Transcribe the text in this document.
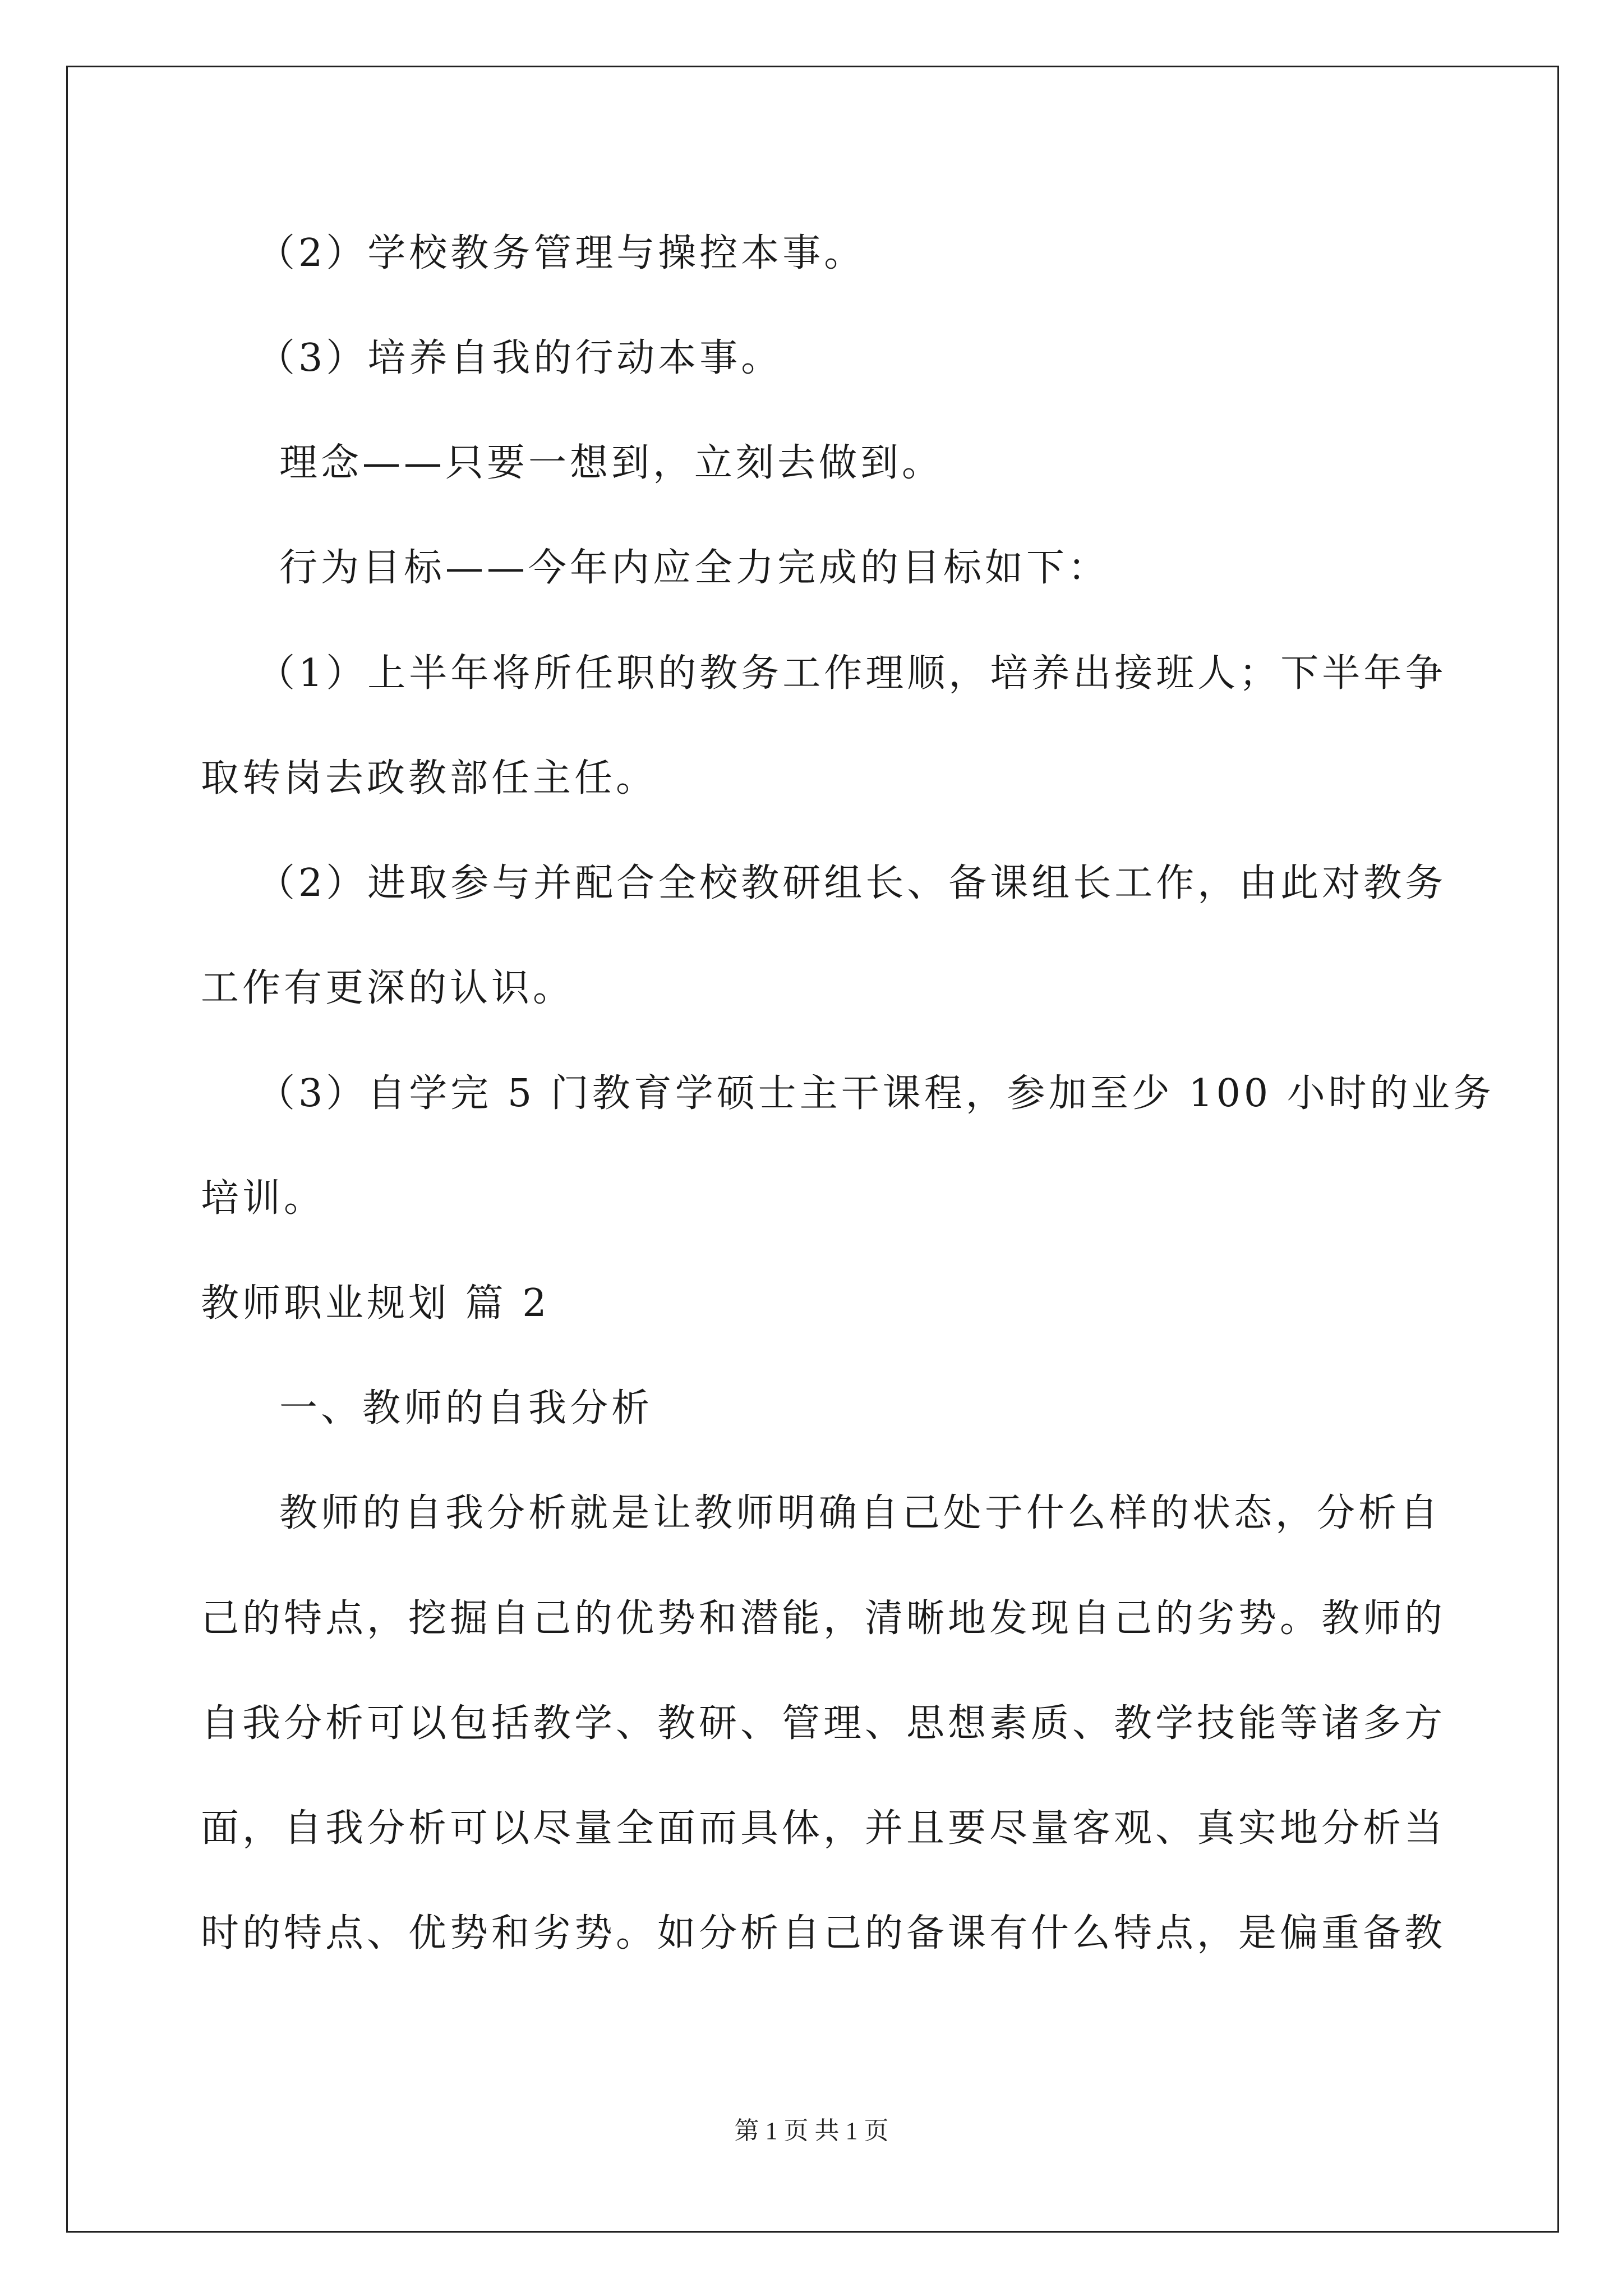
（2）学校教务管理与操控本事。
（3）培养自我的行动本事。
理念——只要一想到，立刻去做到。
行为目标——今年内应全力完成的目标如下：
（1）上半年将所任职的教务工作理顺，培养出接班人；下半年争
取转岗去政教部任主任。
（2）进取参与并配合全校教研组长、备课组长工作，由此对教务
工作有更深的认识。
（3）自学完 5 门教育学硕士主干课程，参加至少 100 小时的业务
培训。
教师职业规划 篇 2
一、教师的自我分析
教师的自我分析就是让教师明确自己处于什么样的状态，分析自
己的特点，挖掘自己的优势和潜能，清晰地发现自己的劣势。教师的
自我分析可以包括教学、教研、管理、思想素质、教学技能等诸多方
面，自我分析可以尽量全面而具体，并且要尽量客观、真实地分析当
时的特点、优势和劣势。如分析自己的备课有什么特点，是偏重备教
第 1 页 共 1 页
